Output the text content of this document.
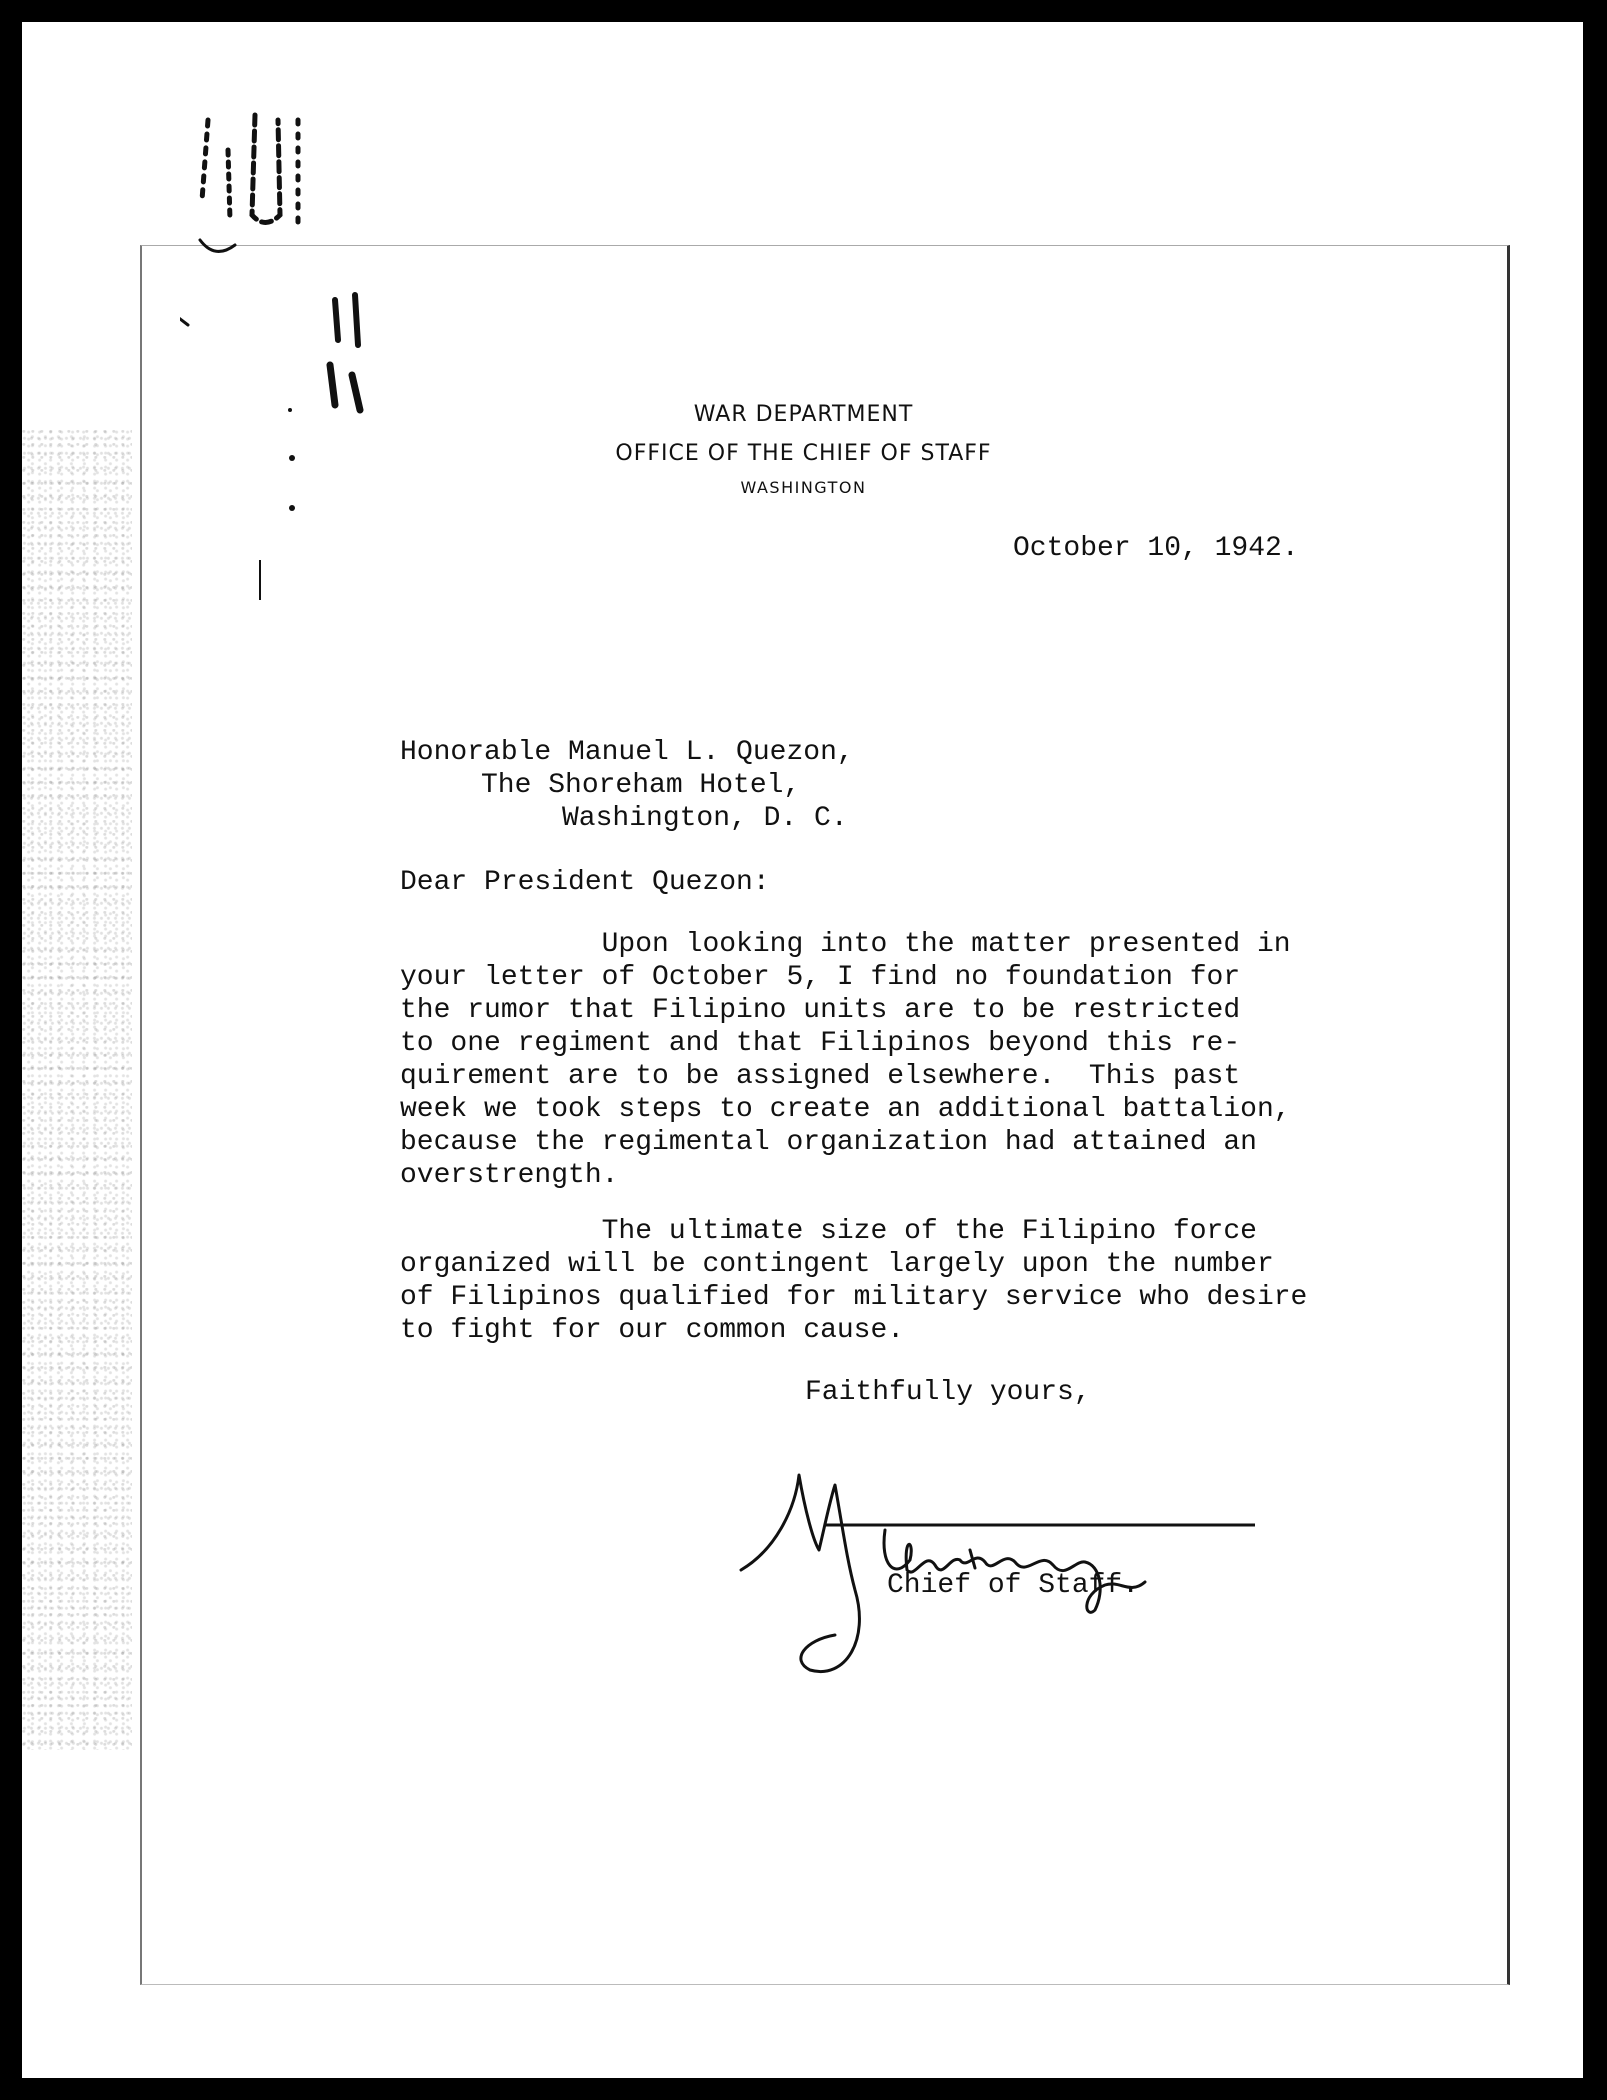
WAR DEPARTMENT
OFFICE OF THE CHIEF OF STAFF
WASHINGTON
October 10, 1942.
Honorable Manuel L. Quezon,
The Shoreham Hotel,
Washington, D. C.
Dear President Quezon:
Upon looking into the matter presented in
your letter of October 5, I find no foundation for
the rumor that Filipino units are to be restricted
to one regiment and that Filipinos beyond this re-
quirement are to be assigned elsewhere.  This past
week we took steps to create an additional battalion,
because the regimental organization had attained an
overstrength.
The ultimate size of the Filipino force
organized will be contingent largely upon the number
of Filipinos qualified for military service who desire
to fight for our common cause.
Faithfully yours,
Chief of Staff.
